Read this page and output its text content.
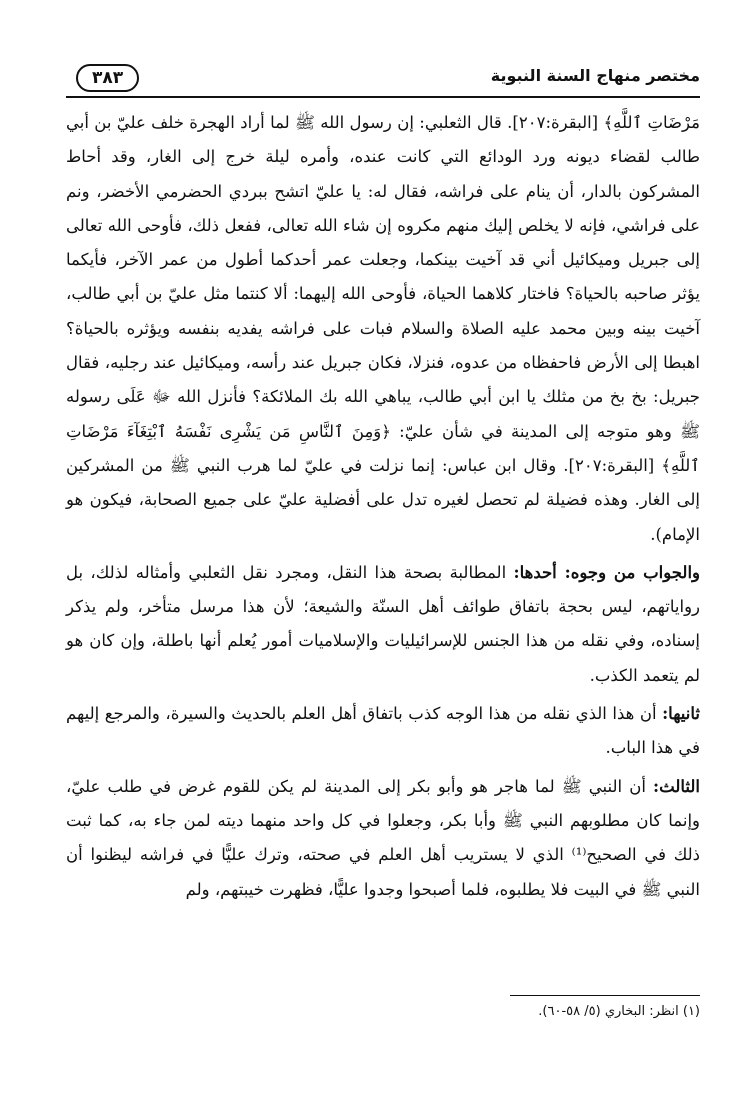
مختصر منهاج السنة النبوية
٣٨٣

مَرْضَاتِ ٱللَّهِ﴾ [البقرة:٢٠٧]. قال الثعلبي: إن رسول الله ﷺ لما أراد الهجرة خلف عليّ بن أبي طالب لقضاء ديونه ورد الودائع التي كانت عنده، وأمره ليلة خرج إلى الغار، وقد أحاط المشركون بالدار، أن ينام على فراشه، فقال له: يا عليّ اتشح ببردي الحضرمي الأخضر، ونم على فراشي، فإنه لا يخلص إليك منهم مكروه إن شاء الله تعالى، ففعل ذلك، فأوحى الله تعالى إلى جبريل وميكائيل أني قد آخيت بينكما، وجعلت عمر أحدكما أطول من عمر الآخر، فأيكما يؤثر صاحبه بالحياة؟ فاختار كلاهما الحياة، فأوحى الله إليهما: ألا كنتما مثل عليّ بن أبي طالب، آخيت بينه وبين محمد عليه الصلاة والسلام فبات على فراشه يفديه بنفسه ويؤثره بالحياة؟ اهبطا إلى الأرض فاحفظاه من عدوه، فنزلا، فكان جبريل عند رأسه، وميكائيل عند رجليه، فقال جبريل: بخ بخ من مثلك يا ابن أبي طالب، يباهي الله بك الملائكة؟ فأنزل الله ﷻ عَلَى رسوله ﷺ وهو متوجه إلى المدينة في شأن عليّ: ﴿وَمِنَ ٱلنَّاسِ مَن يَشْرِى نَفْسَهُ ٱبْتِغَآءَ مَرْضَاتِ ٱللَّهِ﴾ [البقرة:٢٠٧]. وقال ابن عباس: إنما نزلت في عليّ لما هرب النبي ﷺ من المشركين إلى الغار. وهذه فضيلة لم تحصل لغيره تدل على أفضلية عليّ على جميع الصحابة، فيكون هو الإمام).

والجواب من وجوه: أحدها: المطالبة بصحة هذا النقل، ومجرد نقل الثعلبي وأمثاله لذلك، بل رواياتهم، ليس بحجة باتفاق طوائف أهل السنّة والشيعة؛ لأن هذا مرسل متأخر، ولم يذكر إسناده، وفي نقله من هذا الجنس للإسرائيليات والإسلاميات أمور يُعلم أنها باطلة، وإن كان هو لم يتعمد الكذب.

ثانيها: أن هذا الذي نقله من هذا الوجه كذب باتفاق أهل العلم بالحديث والسيرة، والمرجع إليهم في هذا الباب.

الثالث: أن النبي ﷺ لما هاجر هو وأبو بكر إلى المدينة لم يكن للقوم غرض في طلب عليّ، وإنما كان مطلوبهم النبي ﷺ وأبا بكر، وجعلوا في كل واحد منهما ديته لمن جاء به، كما ثبت ذلك في الصحيح⁽¹⁾ الذي لا يستريب أهل العلم في صحته، وترك عليًّا في فراشه ليظنوا أن النبي ﷺ في البيت فلا يطلبوه، فلما أصبحوا وجدوا عليًّا، فظهرت خيبتهم، ولم

(١) انظر: البخاري (٥/ ٥٨-٦٠).
